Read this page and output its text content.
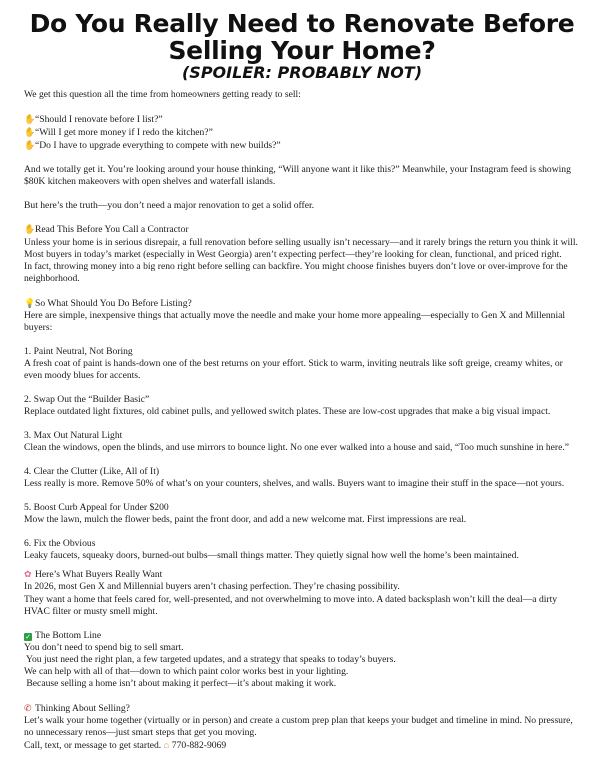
Do You Really Need to Renovate Before
Selling Your Home?
(SPOILER: PROBABLY NOT)

We get this question all the time from homeowners getting ready to sell:

✋“Should I renovate before I list?”

✋“Will I get more money if I redo the kitchen?”

✋“Do I have to upgrade everything to compete with new builds?”

And we totally get it. You’re looking around your house thinking, “Will anyone want it like this?” Meanwhile, your Instagram feed is showing $80K kitchen makeovers with open shelves and waterfall islands.

But here’s the truth—you don’t need a major renovation to get a solid offer.

✋Read This Before You Call a Contractor

Unless your home is in serious disrepair, a full renovation before selling usually isn’t necessary—and it rarely brings the return you think it will. Most buyers in today’s market (especially in West Georgia) aren’t expecting perfect—they’re looking for clean, functional, and priced right.

In fact, throwing money into a big reno right before selling can backfire. You might choose finishes buyers don’t love or over-improve for the neighborhood.

💡So What Should You Do Before Listing?

Here are simple, inexpensive things that actually move the needle and make your home more appealing—especially to Gen X and Millennial buyers:

1. Paint Neutral, Not Boring

A fresh coat of paint is hands-down one of the best returns on your effort. Stick to warm, inviting neutrals like soft greige, creamy whites, or even moody blues for accents.

2. Swap Out the “Builder Basic”

Replace outdated light fixtures, old cabinet pulls, and yellowed switch plates. These are low-cost upgrades that make a big visual impact.

3. Max Out Natural Light

Clean the windows, open the blinds, and use mirrors to bounce light. No one ever walked into a house and said, “Too much sunshine in here.”

4. Clear the Clutter (Like, All of It)

Less really is more. Remove 50% of what’s on your counters, shelves, and walls. Buyers want to imagine their stuff in the space—not yours.

5. Boost Curb Appeal for Under $200

Mow the lawn, mulch the flower beds, paint the front door, and add a new welcome mat. First impressions are real.

6. Fix the Obvious

Leaky faucets, squeaky doors, burned-out bulbs—small things matter. They quietly signal how well the home’s been maintained.

✿ Here’s What Buyers Really Want

In 2026, most Gen X and Millennial buyers aren’t chasing perfection. They’re chasing possibility.

They want a home that feels cared for, well-presented, and not overwhelming to move into. A dated backsplash won’t kill the deal—a dirty HVAC filter or musty smell might.

✓ The Bottom Line

You don’t need to spend big to sell smart.

You just need the right plan, a few targeted updates, and a strategy that speaks to today’s buyers.

We can help with all of that—down to which paint color works best in your lighting.

Because selling a home isn’t about making it perfect—it’s about making it work.

✆ Thinking About Selling?

Let’s walk your home together (virtually or in person) and create a custom prep plan that keeps your budget and timeline in mind. No pressure, no unnecessary renos—just smart steps that get you moving.

Call, text, or message to get started. ⌂ 770-882-9069
